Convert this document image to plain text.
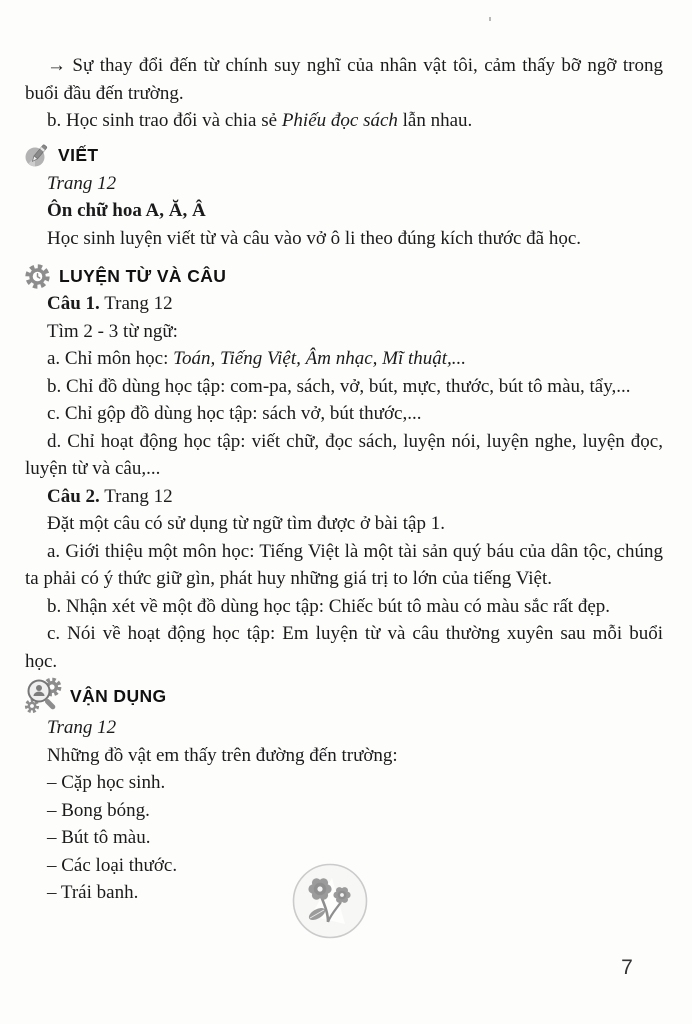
→ Sự thay đổi đến từ chính suy nghĩ của nhân vật tôi, cảm thấy bỡ ngỡ trong buổi đầu đến trường.

b. Học sinh trao đổi và chia sẻ Phiếu đọc sách lẫn nhau.

VIẾT

Trang 12

Ôn chữ hoa A, Ă, Â

Học sinh luyện viết từ và câu vào vở ô li theo đúng kích thước đã học.

LUYỆN TỪ VÀ CÂU

Câu 1. Trang 12

Tìm 2 - 3 từ ngữ:

a. Chỉ môn học: Toán, Tiếng Việt, Âm nhạc, Mĩ thuật,...

b. Chỉ đồ dùng học tập: com-pa, sách, vở, bút, mực, thước, bút tô màu, tẩy,...

c. Chỉ gộp đồ dùng học tập: sách vở, bút thước,...

d. Chỉ hoạt động học tập: viết chữ, đọc sách, luyện nói, luyện nghe, luyện đọc, luyện từ và câu,...

Câu 2. Trang 12

Đặt một câu có sử dụng từ ngữ tìm được ở bài tập 1.

a. Giới thiệu một môn học: Tiếng Việt là một tài sản quý báu của dân tộc, chúng ta phải có ý thức giữ gìn, phát huy những giá trị to lớn của tiếng Việt.

b. Nhận xét về một đồ dùng học tập: Chiếc bút tô màu có màu sắc rất đẹp.

c. Nói về hoạt động học tập: Em luyện từ và câu thường xuyên sau mỗi buổi học.

VẬN DỤNG

Trang 12

Những đồ vật em thấy trên đường đến trường:

– Cặp học sinh.

– Bong bóng.

– Bút tô màu.

– Các loại thước.

– Trái banh.

7
